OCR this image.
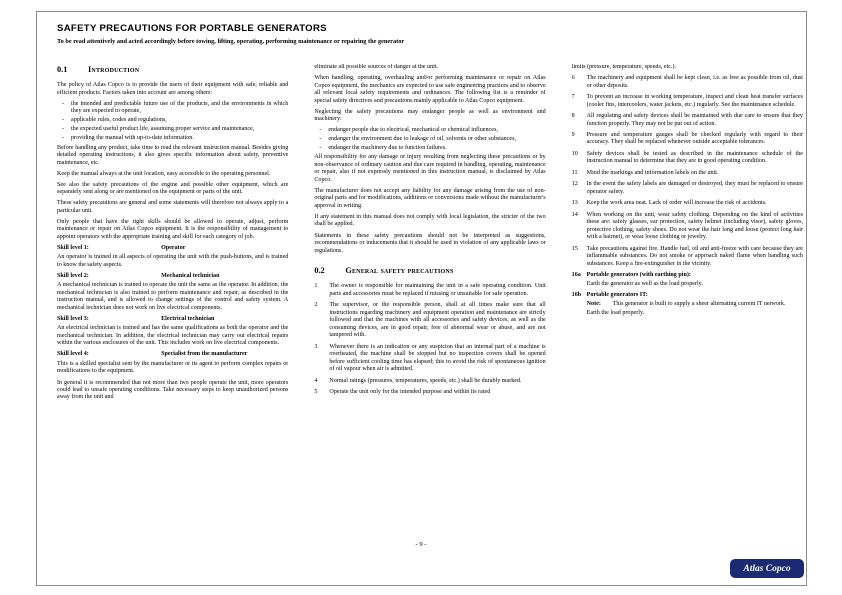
SAFETY PRECAUTIONS FOR PORTABLE GENERATORS
To be read attentively and acted accordingly before towing, lifting, operating, performing maintenance or repairing the generator
0.1	Introduction

The policy of Atlas Copco is to provide the users of their equipment with safe, reliable and efficient products. Factors taken into account are among others:

-	the intended and predictable future use of the products, and the environments in which they are expected to operate,
-	applicable rules, codes and regulations,
-	the expected useful product life, assuming proper service and maintenance,
-	providing the manual with up-to-date information.

Before handling any product, take time to read the relevant instruction manual. Besides giving detailed operating instructions, it also gives specific information about safety, preventive maintenance, etc.

Keep the manual always at the unit location, easy accessible to the operating personnel.

See also the safety precautions of the engine and possible other equipment, which are separately sent along or are mentioned on the equipment or parts of the unit.

These safety precautions are general and some statements will therefore not always apply to a particular unit.

Only people that have the right skills should be allowed to operate, adjust, perform maintenance or repair on Atlas Copco equipment. It is the responsibility of management to appoint operators with the appropriate training and skill for each category of job.

Skill level 1:	Operator

An operator is trained in all aspects of operating the unit with the push-buttons, and is trained to know the safety aspects.

Skill level 2:	Mechanical technician

A mechanical technician is trained to operate the unit the same as the operator. In addition, the mechanical technician is also trained to perform maintenance and repair, as described in the instruction manual, and is allowed to change settings of the control and safety system. A mechanical technician does not work on live electrical components.

Skill level 3:	Electrical technician

An electrical technician is trained and has the same qualifications as both the operator and the mechanical technician. In addition, the electrical technician may carry out electrical repairs within the various enclosures of the unit. This includes work on live electrical components.

Skill level 4:	Specialist from the manufacturer

This is a skilled specialist sent by the manufacturer or its agent to perform complex repairs or modifications to the equipment.

In general it is recommended that not more than two people operate the unit, more operators could lead to unsafe operating conditions. Take necessary steps to keep unauthorized persons away from the unit and

eliminate all possible sources of danger at the unit.

When handling, operating, overhauling and/or performing maintenance or repair on Atlas Copco equipment, the mechanics are expected to use safe engineering practices and to observe all relevant local safety requirements and ordinances. The following list is a reminder of special safety directives and precautions mainly applicable to Atlas Copco equipment.

Neglecting the safety precautions may endanger people as well as environment and machinery:

-	endanger people due to electrical, mechanical or chemical influences,
-	endanger the environment due to leakage of oil, solvents or other substances,
-	endanger the machinery due to function failures.

All responsibility for any damage or injury resulting from neglecting these precautions or by non-observance of ordinary caution and due care required in handling, operating, maintenance or repair, also if not expressly mentioned in this instruction manual, is disclaimed by Atlas Copco.

The manufacturer does not accept any liability for any damage arising from the use of non-original parts and for modifications, additions or conversions made without the manufacturer's approval in writing.

If any statement in this manual does not comply with local legislation, the stricter of the two shall be applied.

Statements in these safety precautions should not be interpreted as suggestions, recommendations or inducements that it should be used in violation of any applicable laws or regulations.

0.2	General safety precautions
1	The owner is responsible for maintaining the unit in a safe operating condition. Unit parts and accessories must be replaced if missing or unsuitable for safe operation.
2	The supervisor, or the responsible person, shall at all times make sure that all instructions regarding machinery and equipment operation and maintenance are strictly followed and that the machines with all accessories and safety devices, as well as the consuming devices, are in good repair, free of abnormal wear or abuse, and are not tampered with.
3	Whenever there is an indication or any suspicion that an internal part of a machine is overheated, the machine shall be stopped but no inspection covers shall be opened before sufficient cooling time has elapsed; this to avoid the risk of spontaneous ignition of oil vapour when air is admitted.
4	Normal ratings (pressures, temperatures, speeds, etc.) shall be durably marked.
5	Operate the unit only for the intended purpose and within its rated

limits (pressure, temperature, speeds, etc.).

6	The machinery and equipment shall be kept clean, i.e. as free as possible from oil, dust or other deposits.
7	To prevent an increase in working temperature, inspect and clean heat transfer surfaces (cooler fins, intercoolers, water jackets, etc.) regularly. See the maintenance schedule.
8	All regulating and safety devices shall be maintained with due care to ensure that they function properly. They may not be put out of action.
9	Pressure and temperature gauges shall be checked regularly with regard to their accuracy. They shall be replaced whenever outside acceptable tolerances.
10	Safety devices shall be tested as described in the maintenance schedule of the instruction manual to determine that they are in good operating condition.
11	Mind the markings and information labels on the unit.
12	In the event the safety labels are damaged or destroyed, they must be replaced to ensure operator safety.
13	Keep the work area neat. Lack of order will increase the risk of accidents.
14	When working on the unit, wear safety clothing. Depending on the kind of activities these are: safety glasses, ear protection, safety helmet (including visor), safety gloves, protective clothing, safety shoes. Do not wear the hair long and loose (protect long hair with a hairnet), or wear loose clothing or jewelry.
15	Take precautions against fire. Handle fuel, oil and anti-freeze with care because they are inflammable substances. Do not smoke or approach naked flame when handling such substances. Keep a fire-extinguisher in the vicinity.
16a Portable generators (with earthing pin):

Earth the generator as well as the load properly.

16b Portable generators IT:
Note:	This generator is built to supply a sheer alternating current IT network.

Earth the load properly.

- 9 -
Atlas Copco
